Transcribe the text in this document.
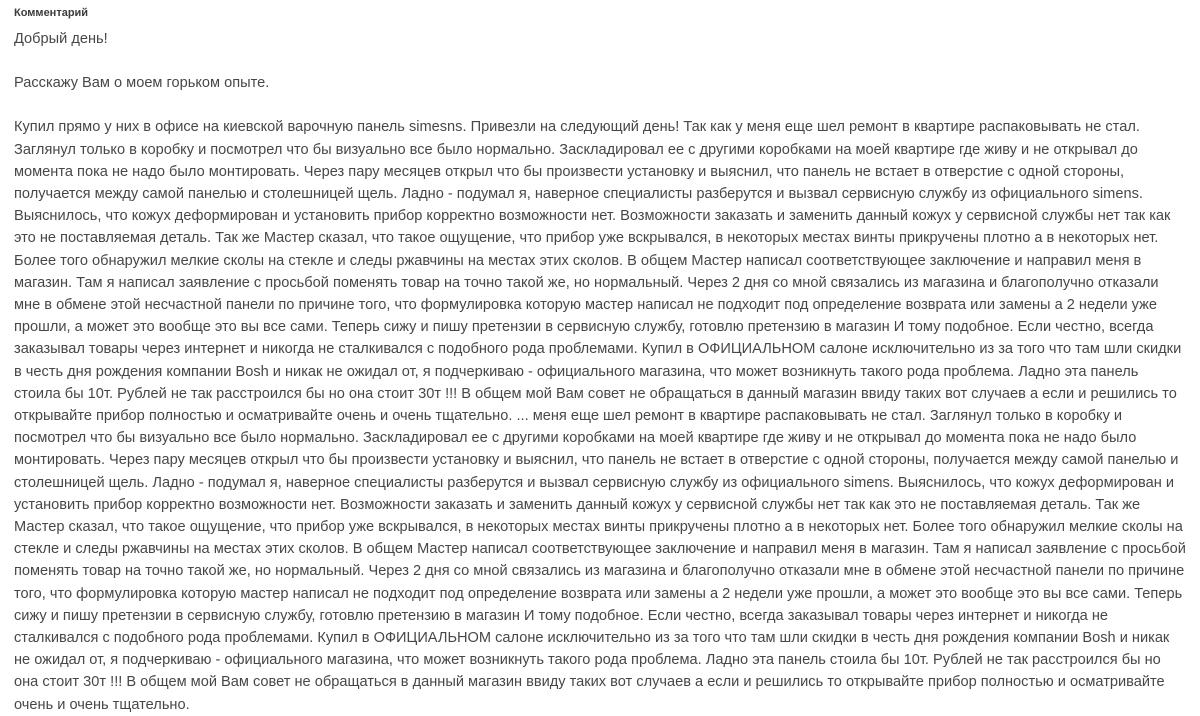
Комментарий

Добрый день!

Расскажу Вам о моем горьком опыте.

Купил прямо у них в офисе на киевской варочную панель simesns. Привезли на следующий день! Так как у меня еще шел ремонт в квартире распаковывать не стал. Заглянул только в коробку и посмотрел что бы визуально все было нормально. Заскладировал ее с другими коробками на моей квартире где живу и не открывал до момента пока не надо было монтировать. Через пару месяцев открыл что бы произвести установку и выяснил, что панель не встает в отверстие с одной стороны, получается между самой панелью и столешницей щель. Ладно - подумал я, наверное специалисты разберутся и вызвал сервисную службу из официального simens. Выяснилось, что кожух деформирован и установить прибор корректно возможности нет. Возможности заказать и заменить данный кожух у сервисной службы нет так как это не поставляемая деталь. Так же Мастер сказал, что такое ощущение, что прибор уже вскрывался, в некоторых местах винты прикручены плотно а в некоторых нет. Более того обнаружил мелкие сколы на стекле и следы ржавчины на местах этих сколов. В общем Мастер написал соответствующее заключение и направил меня в магазин. Там я написал заявление с просьбой поменять товар на точно такой же, но нормальный. Через 2 дня со мной связались из магазина и благополучно отказали мне в обмене этой несчастной панели по причине того, что формулировка которую мастер написал не подходит под определение возврата или замены а 2 недели уже прошли, а может это вообще это вы все сами. Теперь сижу и пишу претензии в сервисную службу, готовлю претензию в магазин И тому подобное. Если честно, всегда заказывал товары через интернет и никогда не сталкивался с подобного рода проблемами. Купил в ОФИЦИАЛЬНОМ салоне исключительно из за того что там шли скидки в честь дня рождения компании Bosh и никак не ожидал от, я подчеркиваю - официального магазина, что может возникнуть такого рода проблема. Ладно эта панель стоила бы 10т. Рублей не так расстроился бы но она стоит 30т !!! В общем мой Вам совет не обращаться в данный магазин ввиду таких вот случаев а если и решились то открывайте прибор полностью и осматривайте очень и очень тщательно. ... меня еще шел ремонт в квартире распаковывать не стал. Заглянул только в коробку и посмотрел что бы визуально все было нормально. Заскладировал ее с другими коробками на моей квартире где живу и не открывал до момента пока не надо было монтировать. Через пару месяцев открыл что бы произвести установку и выяснил, что панель не встает в отверстие с одной стороны, получается между самой панелью и столешницей щель. Ладно - подумал я, наверное специалисты разберутся и вызвал сервисную службу из официального simens. Выяснилось, что кожух деформирован и установить прибор корректно возможности нет. Возможности заказать и заменить данный кожух у сервисной службы нет так как это не поставляемая деталь. Так же Мастер сказал, что такое ощущение, что прибор уже вскрывался, в некоторых местах винты прикручены плотно а в некоторых нет. Более того обнаружил мелкие сколы на стекле и следы ржавчины на местах этих сколов. В общем Мастер написал соответствующее заключение и направил меня в магазин. Там я написал заявление с просьбой поменять товар на точно такой же, но нормальный. Через 2 дня со мной связались из магазина и благополучно отказали мне в обмене этой несчастной панели по причине того, что формулировка которую мастер написал не подходит под определение возврата или замены а 2 недели уже прошли, а может это вообще это вы все сами. Теперь сижу и пишу претензии в сервисную службу, готовлю претензию в магазин И тому подобное. Если честно, всегда заказывал товары через интернет и никогда не сталкивался с подобного рода проблемами. Купил в ОФИЦИАЛЬНОМ салоне исключительно из за того что там шли скидки в честь дня рождения компании Bosh и никак не ожидал от, я подчеркиваю - официального магазина, что может возникнуть такого рода проблема. Ладно эта панель стоила бы 10т. Рублей не так расстроился бы но она стоит 30т !!! В общем мой Вам совет не обращаться в данный магазин ввиду таких вот случаев а если и решились то открывайте прибор полностью и осматривайте очень и очень тщательно.
